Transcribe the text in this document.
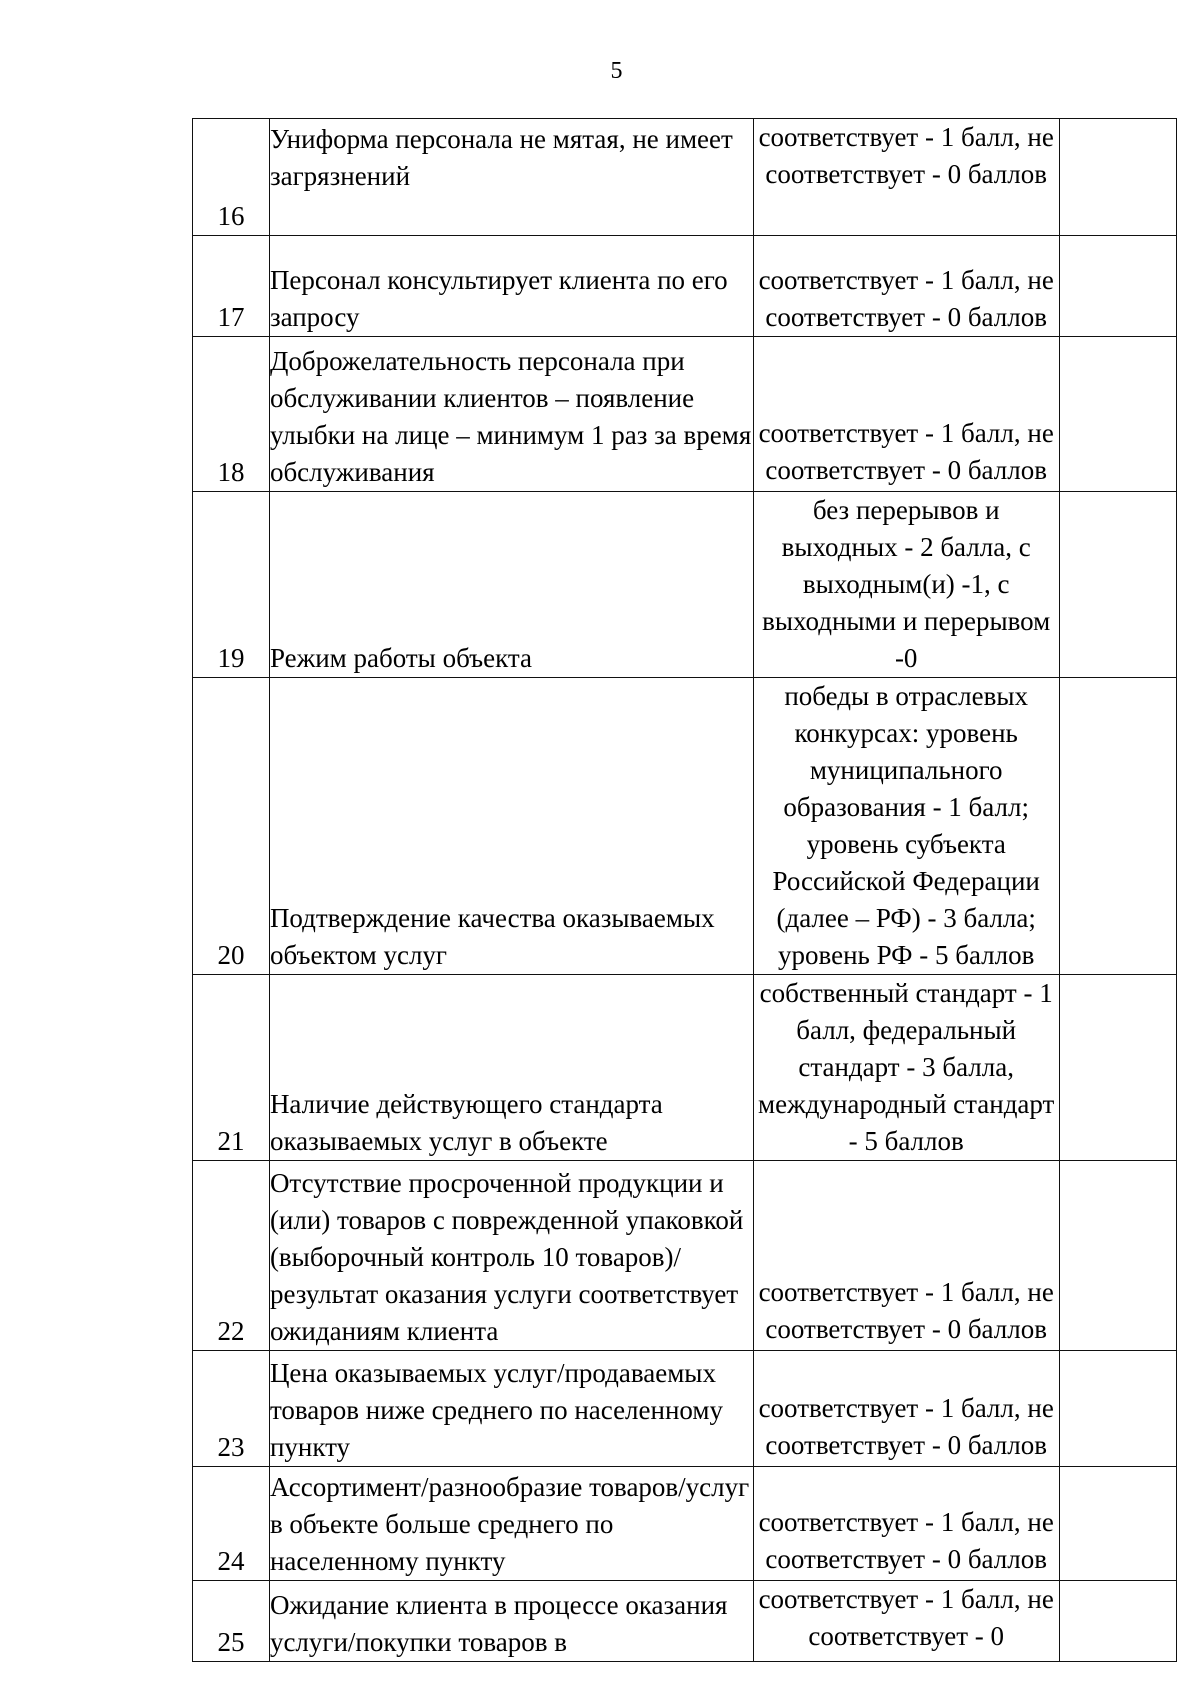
5
16	Униформа персонала не мятая, не имеет загрязнений	соответствует - 1 балл, не соответствует - 0 баллов	
17	Персонал консультирует клиента по его запросу	соответствует - 1 балл, не соответствует - 0 баллов	
18	Доброжелательность персонала при обслуживании клиентов – появление улыбки на лице – минимум 1 раз за время обслуживания	соответствует - 1 балл, не соответствует - 0 баллов	
19	Режим работы объекта	без перерывов и выходных - 2 балла, с выходным(и) -1, с выходными и перерывом -0	
20	Подтверждение качества оказываемых объектом услуг	победы в отраслевых конкурсах: уровень муниципального образования - 1 балл; уровень субъекта Российской Федерации (далее – РФ) - 3 балла; уровень РФ - 5 баллов	
21	Наличие действующего стандарта оказываемых услуг в объекте	собственный стандарт - 1 балл, федеральный стандарт - 3 балла, международный стандарт - 5 баллов	
22	Отсутствие просроченной продукции и (или) товаров с поврежденной упаковкой (выборочный контроль 10 товаров)/ результат оказания услуги соответствует ожиданиям клиента	соответствует - 1 балл, не соответствует - 0 баллов	
23	Цена оказываемых услуг/продаваемых товаров ниже среднего по населенному пункту	соответствует - 1 балл, не соответствует - 0 баллов	
24	Ассортимент/разнообразие товаров/услуг в объекте больше среднего по населенному пункту	соответствует - 1 балл, не соответствует - 0 баллов	
25	Ожидание клиента в процессе оказания услуги/покупки товаров в	соответствует - 1 балл, не соответствует - 0	
